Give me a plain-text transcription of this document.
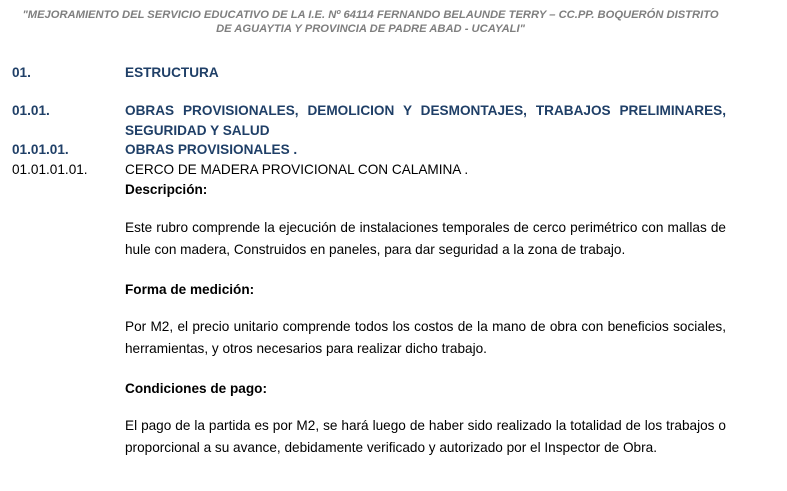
"MEJORAMIENTO DEL SERVICIO EDUCATIVO DE LA I.E. Nº 64114 FERNANDO BELAUNDE TERRY – CC.PP. BOQUERÓN DISTRITO
DE AGUAYTIA Y PROVINCIA DE PADRE ABAD - UCAYALI"
01.	ESTRUCTURA
01.01.	OBRAS PROVISIONALES, DEMOLICION Y DESMONTAJES, TRABAJOS PRELIMINARES, SEGURIDAD Y SALUD
01.01.01.	OBRAS PROVISIONALES .
01.01.01.01.	CERCO DE MADERA PROVICIONAL CON CALAMINA .
Descripción:
Este rubro comprende la ejecución de instalaciones temporales de cerco perimétrico con mallas de hule con madera, Construidos en paneles, para dar seguridad a la zona de trabajo.
Forma de medición:
Por M2, el precio unitario comprende todos los costos de la mano de obra con beneficios sociales, herramientas, y otros necesarios para realizar dicho trabajo.
Condiciones de pago:
El pago de la partida es por M2, se hará luego de haber sido realizado la totalidad de los trabajos o proporcional a su avance, debidamente verificado y autorizado por el Inspector de Obra.
